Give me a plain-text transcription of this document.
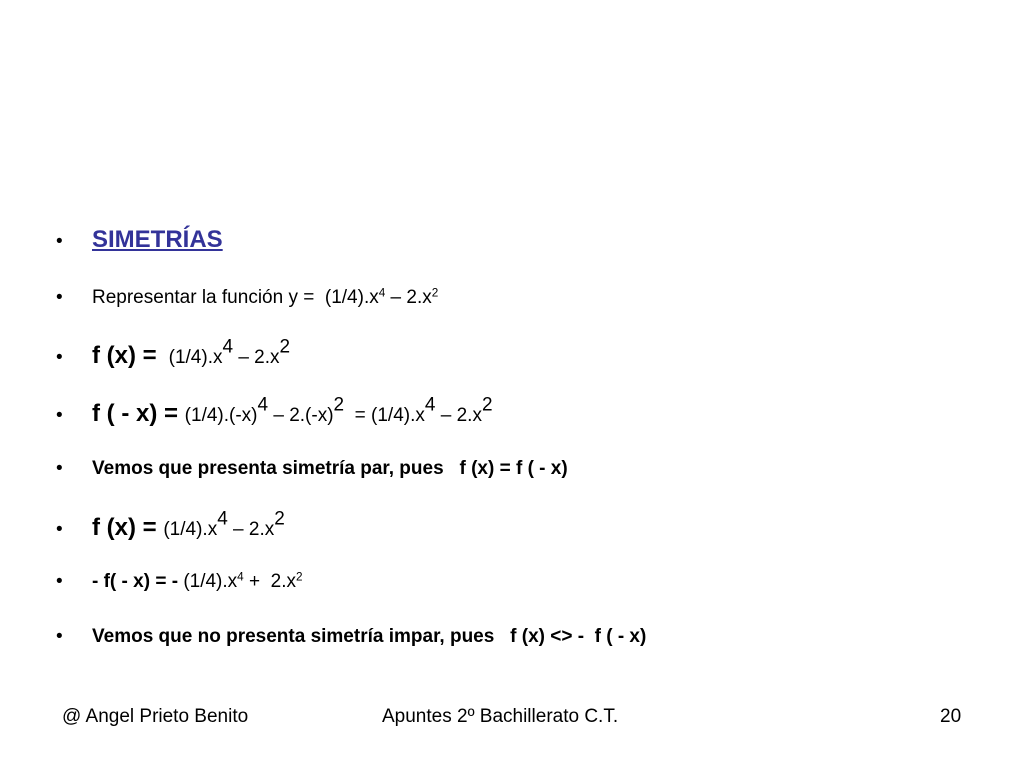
•	SIMETRÍAS
•	Representar la función $y = (1/4).x^4 - 2.x^2$
•	f $(x) = (1/4).x^4 - 2.x^2$
•	f ( - $x) = (1/4).(-x)^4 - 2.(-x)^2 = (1/4).x^4 - 2.x^2$
•	Vemos que presenta simetría par, pues   f (x) = f ( - x)
•	f $(x) = (1/4).x^4 - 2.x^2$
•	- f( - x) = - $(1/4).x^4 + 2.x^2$
•	Vemos que no presenta simetría impar, pues   f (x) <> -  f ( - x)
@ Angel Prieto Benito	Apuntes 2º Bachillerato C.T.	20
